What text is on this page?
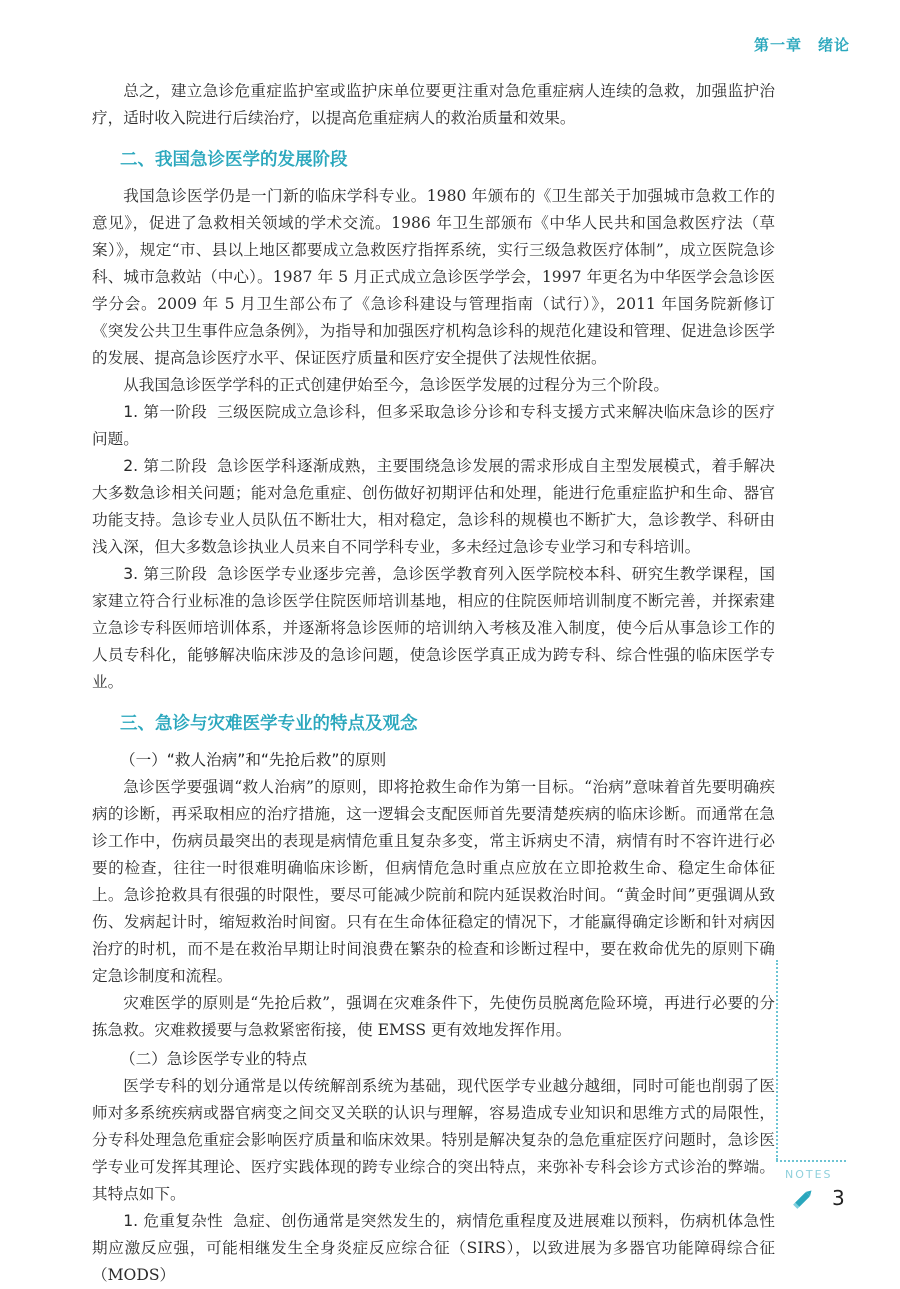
第一章　绪论

总之，建立急诊危重症监护室或监护床单位要更注重对急危重症病人连续的急救，加强监护治疗，适时收入院进行后续治疗，以提高危重症病人的救治质量和效果。

二、我国急诊医学的发展阶段

我国急诊医学仍是一门新的临床学科专业。1980 年颁布的《卫生部关于加强城市急救工作的意见》，促进了急救相关领域的学术交流。1986 年卫生部颁布《中华人民共和国急救医疗法（草案）》，规定“市、县以上地区都要成立急救医疗指挥系统，实行三级急救医疗体制”，成立医院急诊科、城市急救站（中心）。1987 年 5 月正式成立急诊医学学会，1997 年更名为中华医学会急诊医学分会。2009 年 5 月卫生部公布了《急诊科建设与管理指南（试行）》，2011 年国务院新修订《突发公共卫生事件应急条例》，为指导和加强医疗机构急诊科的规范化建设和管理、促进急诊医学的发展、提高急诊医疗水平、保证医疗质量和医疗安全提供了法规性依据。

从我国急诊医学学科的正式创建伊始至今，急诊医学发展的过程分为三个阶段。

1. 第一阶段 三级医院成立急诊科，但多采取急诊分诊和专科支援方式来解决临床急诊的医疗问题。

2. 第二阶段 急诊医学科逐渐成熟，主要围绕急诊发展的需求形成自主型发展模式，着手解决大多数急诊相关问题；能对急危重症、创伤做好初期评估和处理，能进行危重症监护和生命、器官功能支持。急诊专业人员队伍不断壮大，相对稳定，急诊科的规模也不断扩大，急诊教学、科研由浅入深，但大多数急诊执业人员来自不同学科专业，多未经过急诊专业学习和专科培训。

3. 第三阶段 急诊医学专业逐步完善，急诊医学教育列入医学院校本科、研究生教学课程，国家建立符合行业标准的急诊医学住院医师培训基地，相应的住院医师培训制度不断完善，并探索建立急诊专科医师培训体系，并逐渐将急诊医师的培训纳入考核及准入制度，使今后从事急诊工作的人员专科化，能够解决临床涉及的急诊问题，使急诊医学真正成为跨专科、综合性强的临床医学专业。

三、急诊与灾难医学专业的特点及观念
（一）“救人治病”和“先抢后救”的原则

急诊医学要强调“救人治病”的原则，即将抢救生命作为第一目标。“治病”意味着首先要明确疾病的诊断，再采取相应的治疗措施，这一逻辑会支配医师首先要清楚疾病的临床诊断。而通常在急诊工作中，伤病员最突出的表现是病情危重且复杂多变，常主诉病史不清，病情有时不容许进行必要的检查，往往一时很难明确临床诊断，但病情危急时重点应放在立即抢救生命、稳定生命体征上。急诊抢救具有很强的时限性，要尽可能减少院前和院内延误救治时间。“黄金时间”更强调从致伤、发病起计时，缩短救治时间窗。只有在生命体征稳定的情况下，才能赢得确定诊断和针对病因治疗的时机，而不是在救治早期让时间浪费在繁杂的检查和诊断过程中，要在救命优先的原则下确定急诊制度和流程。

灾难医学的原则是“先抢后救”，强调在灾难条件下，先使伤员脱离危险环境，再进行必要的分拣急救。灾难救援要与急救紧密衔接，使 EMSS 更有效地发挥作用。

（二）急诊医学专业的特点

医学专科的划分通常是以传统解剖系统为基础，现代医学专业越分越细，同时可能也削弱了医师对多系统疾病或器官病变之间交叉关联的认识与理解，容易造成专业知识和思维方式的局限性，分专科处理急危重症会影响医疗质量和临床效果。特别是解决复杂的急危重症医疗问题时，急诊医学专业可发挥其理论、医疗实践体现的跨专业综合的突出特点，来弥补专科会诊方式诊治的弊端。其特点如下。

1. 危重复杂性 急症、创伤通常是突然发生的，病情危重程度及进展难以预料，伤病机体急性期应激反应强，可能相继发生全身炎症反应综合征（SIRS），以致进展为多器官功能障碍综合征（MODS）

NOTES
3
